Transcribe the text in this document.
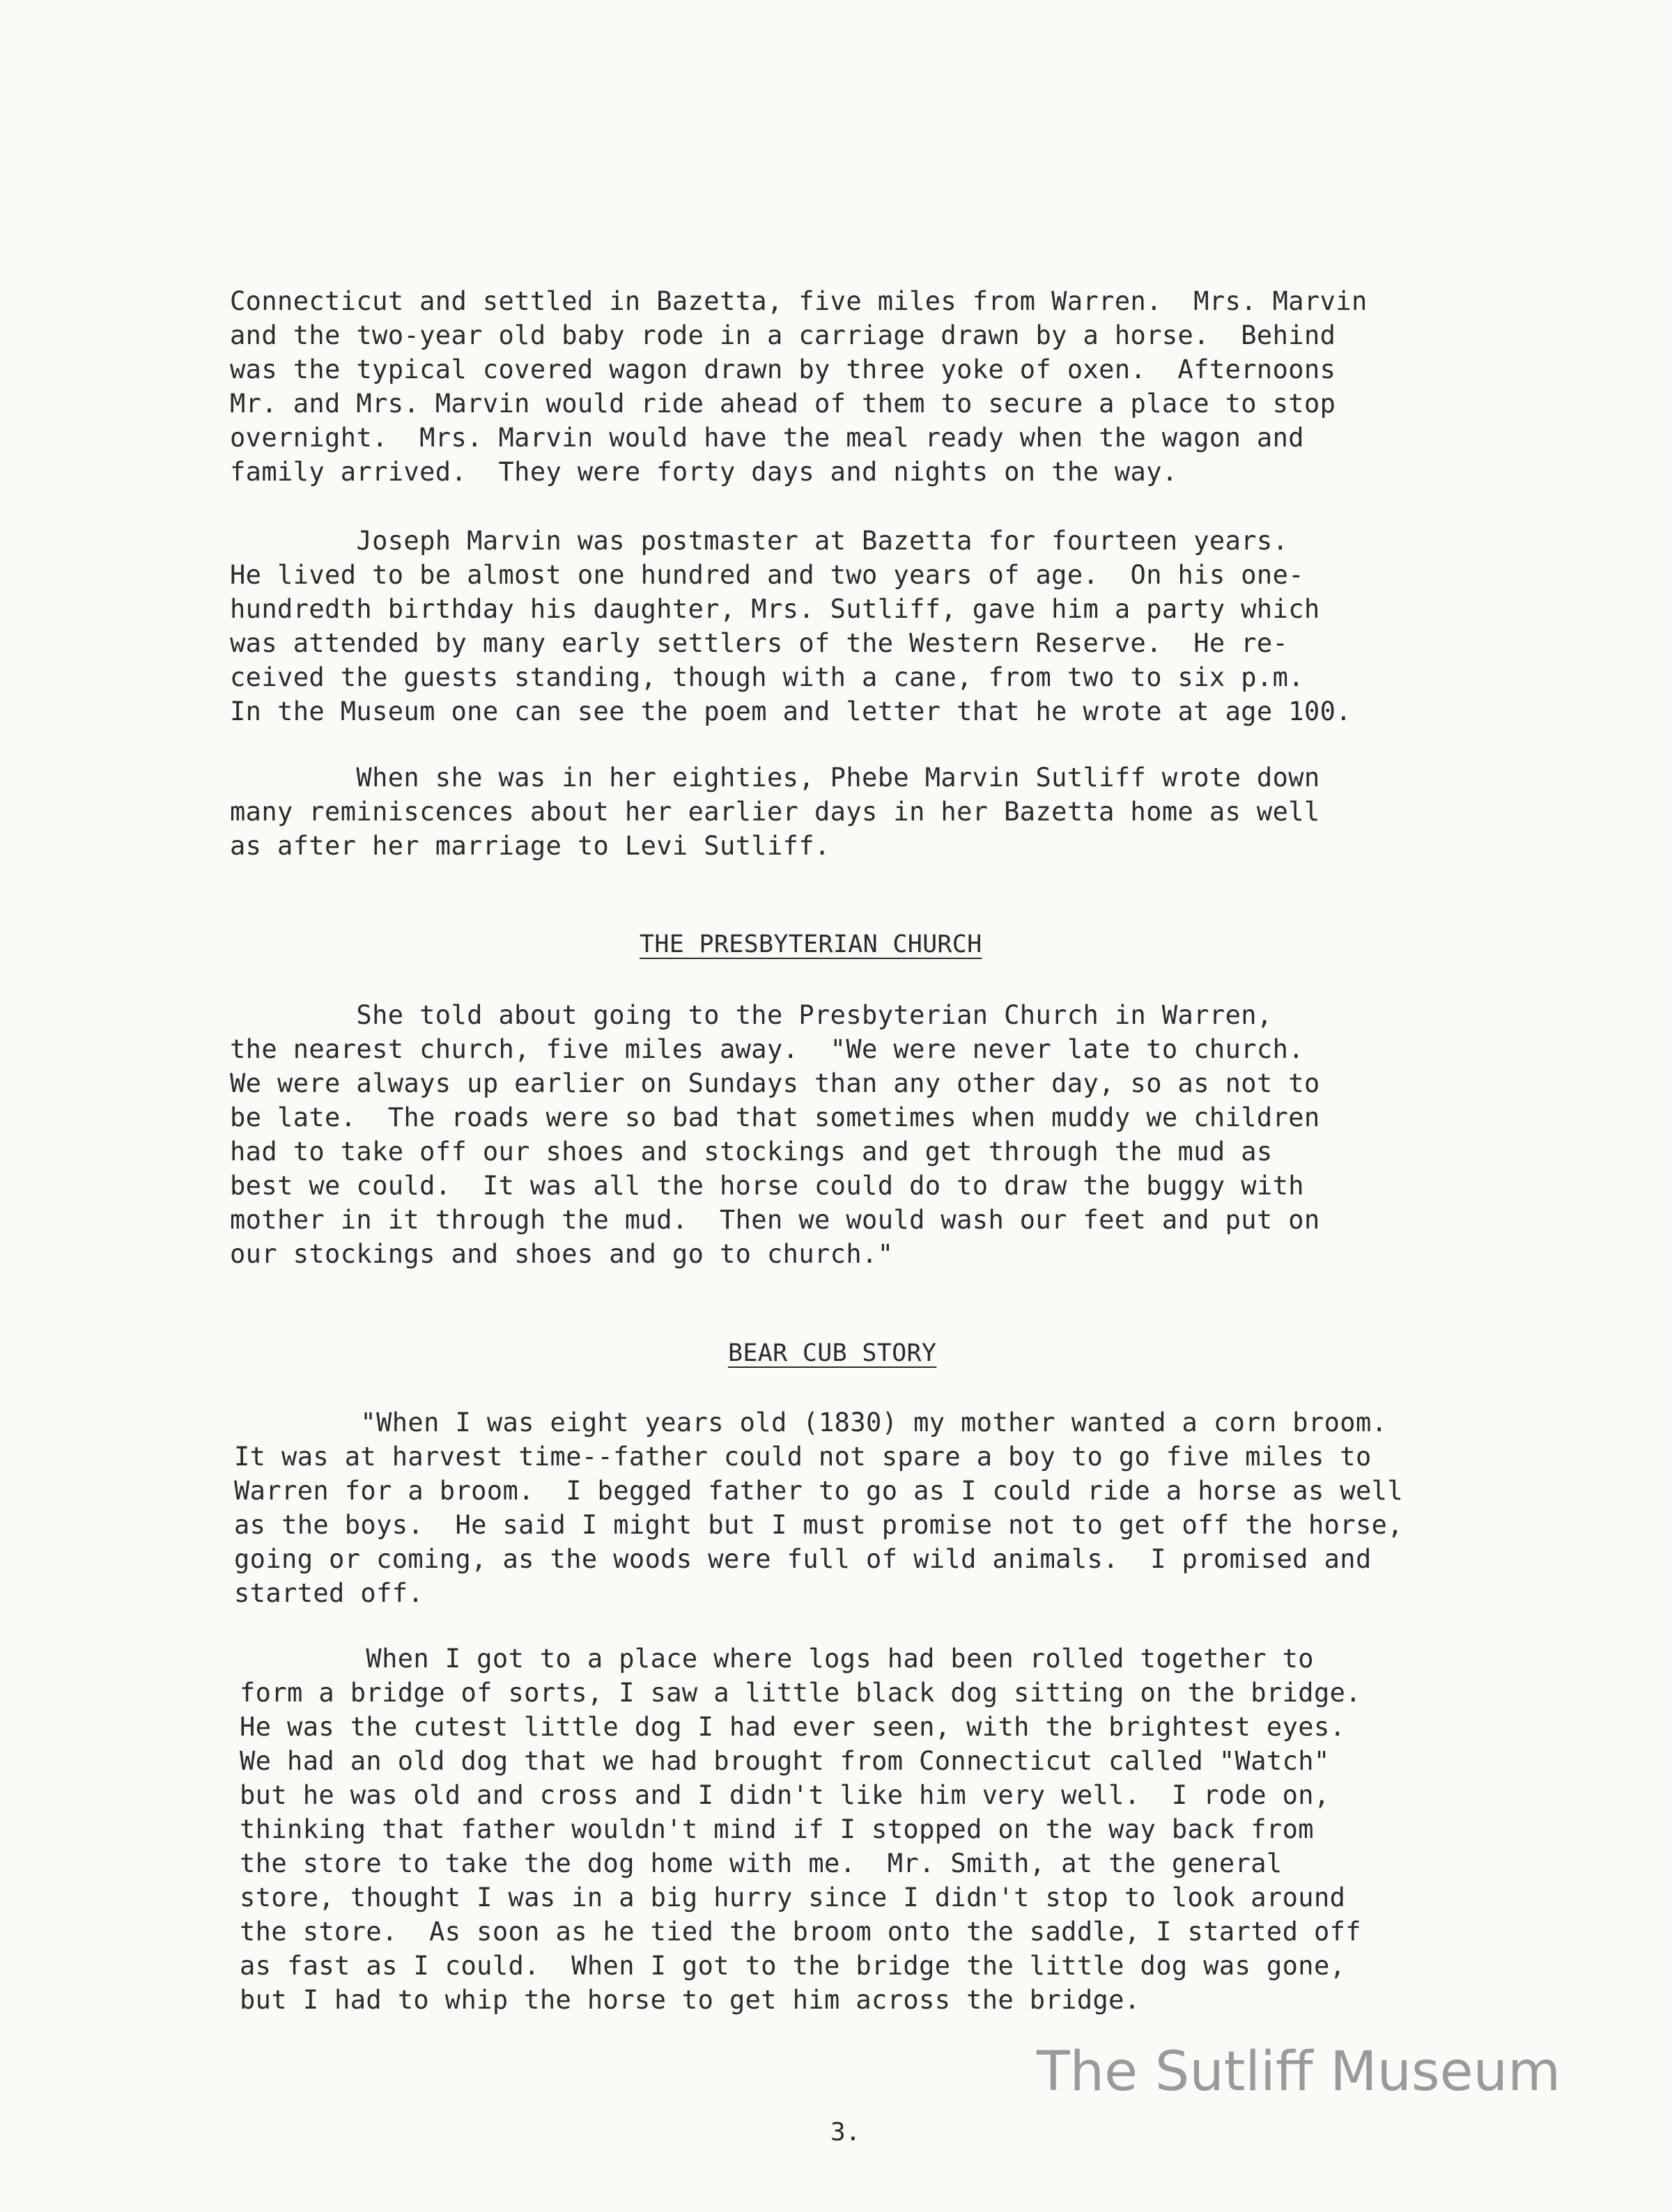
Connecticut and settled in Bazetta, five miles from Warren.  Mrs. Marvin
and the two-year old baby rode in a carriage drawn by a horse.  Behind
was the typical covered wagon drawn by three yoke of oxen.  Afternoons
Mr. and Mrs. Marvin would ride ahead of them to secure a place to stop
overnight.  Mrs. Marvin would have the meal ready when the wagon and
family arrived.  They were forty days and nights on the way.
Joseph Marvin was postmaster at Bazetta for fourteen years.
He lived to be almost one hundred and two years of age.  On his one-
hundredth birthday his daughter, Mrs. Sutliff, gave him a party which
was attended by many early settlers of the Western Reserve.  He re-
ceived the guests standing, though with a cane, from two to six p.m.
In the Museum one can see the poem and letter that he wrote at age 100.
When she was in her eighties, Phebe Marvin Sutliff wrote down
many reminiscences about her earlier days in her Bazetta home as well
as after her marriage to Levi Sutliff.
THE PRESBYTERIAN CHURCH
She told about going to the Presbyterian Church in Warren,
the nearest church, five miles away.  "We were never late to church.
We were always up earlier on Sundays than any other day, so as not to
be late.  The roads were so bad that sometimes when muddy we children
had to take off our shoes and stockings and get through the mud as
best we could.  It was all the horse could do to draw the buggy with
mother in it through the mud.  Then we would wash our feet and put on
our stockings and shoes and go to church."
BEAR CUB STORY
"When I was eight years old (1830) my mother wanted a corn broom.
It was at harvest time--father could not spare a boy to go five miles to
Warren for a broom.  I begged father to go as I could ride a horse as well
as the boys.  He said I might but I must promise not to get off the horse,
going or coming, as the woods were full of wild animals.  I promised and
started off.
When I got to a place where logs had been rolled together to
form a bridge of sorts, I saw a little black dog sitting on the bridge.
He was the cutest little dog I had ever seen, with the brightest eyes.
We had an old dog that we had brought from Connecticut called "Watch"
but he was old and cross and I didn't like him very well.  I rode on,
thinking that father wouldn't mind if I stopped on the way back from
the store to take the dog home with me.  Mr. Smith, at the general
store, thought I was in a big hurry since I didn't stop to look around
the store.  As soon as he tied the broom onto the saddle, I started off
as fast as I could.  When I got to the bridge the little dog was gone,
but I had to whip the horse to get him across the bridge.
The Sutliff Museum
3.
